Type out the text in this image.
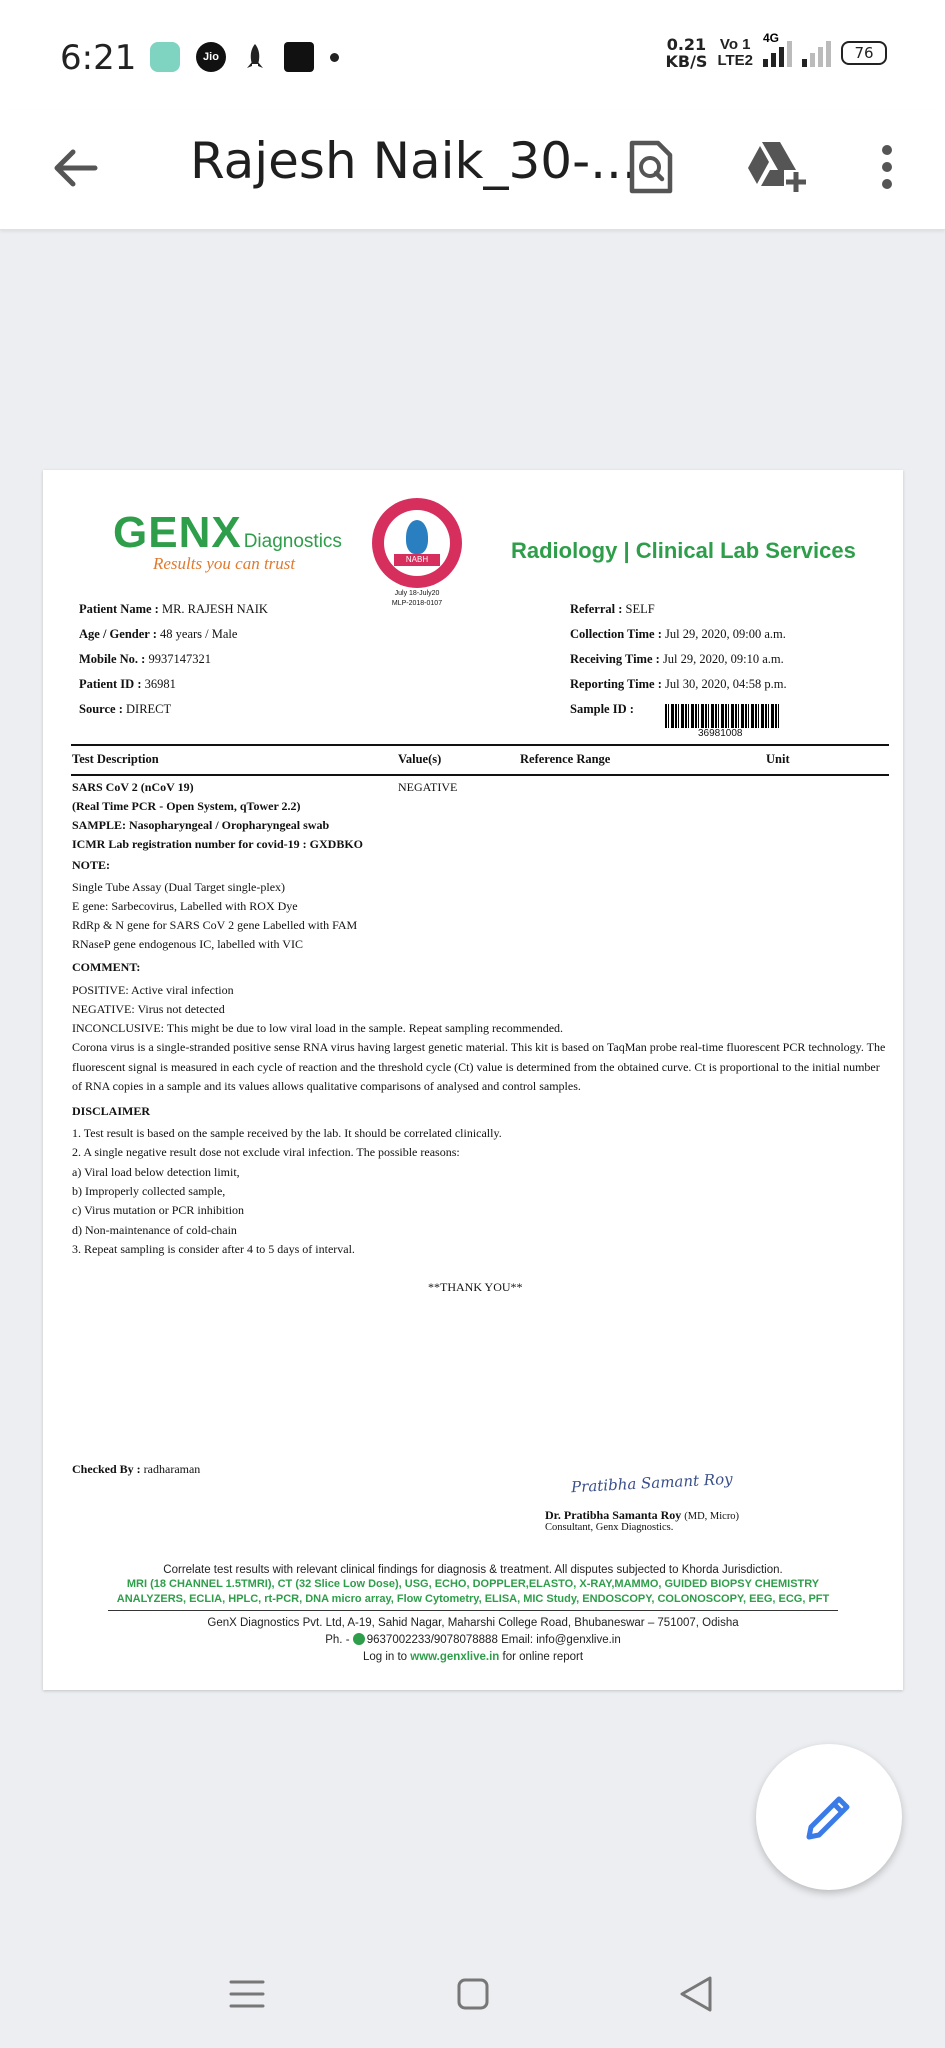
6:21	Jio
0.21
KB/S
Vo 1
LTE2
4G
76
Rajesh Naik_30-...
GENX Diagnostics
Results you can trust	NABH
July 18-July20
MLP-2018-0107
Radiology | Clinical Lab Services
Patient Name : MR. RAJESH NAIK
Age / Gender : 48 years / Male
Mobile No. : 9937147321
Patient ID : 36981
Source : DIRECT
Referral : SELF
Collection Time : Jul 29, 2020, 09:00 a.m.
Receiving Time : Jul 29, 2020, 09:10 a.m.
Reporting Time : Jul 30, 2020, 04:58 p.m.
Sample ID :
36981008
Test Description	Value(s)	Reference Range	Unit
SARS CoV 2 (nCoV 19)	NEGATIVE
(Real Time PCR - Open System, qTower 2.2)
SAMPLE: Nasopharyngeal / Oropharyngeal swab
ICMR Lab registration number for covid-19 : GXDBKO
NOTE:
Single Tube Assay (Dual Target single-plex)
E gene: Sarbecovirus, Labelled with ROX Dye
RdRp & N gene for SARS CoV 2 gene Labelled with FAM
RNaseP gene endogenous IC, labelled with VIC
COMMENT:
POSITIVE: Active viral infection
NEGATIVE: Virus not detected
INCONCLUSIVE: This might be due to low viral load in the sample. Repeat sampling recommended.
Corona virus is a single-stranded positive sense RNA virus having largest genetic material. This kit is based on TaqMan probe real-time fluorescent PCR technology. The fluorescent signal is measured in each cycle of reaction and the threshold cycle (Ct) value is determined from the obtained curve. Ct is proportional to the initial number of RNA copies in a sample and its values allows qualitative comparisons of analysed and control samples.
DISCLAIMER
1. Test result is based on the sample received by the lab. It should be correlated clinically.
2. A single negative result dose not exclude viral infection. The possible reasons:
a) Viral load below detection limit,
b) Improperly collected sample,
c) Virus mutation or PCR inhibition
d) Non-maintenance of cold-chain
3. Repeat sampling is consider after 4 to 5 days of interval.
**THANK YOU**
Checked By : radharaman
Pratibha Samant Roy
Dr. Pratibha Samanta Roy (MD, Micro)
Consultant, Genx Diagnostics.
Correlate test results with relevant clinical findings for diagnosis & treatment. All disputes subjected to Khorda Jurisdiction.
MRI (18 CHANNEL 1.5TMRI), CT (32 Slice Low Dose), USG, ECHO, DOPPLER,ELASTO, X-RAY,MAMMO, GUIDED BIOPSY CHEMISTRY
ANALYZERS, ECLIA, HPLC, rt-PCR, DNA micro array, Flow Cytometry, ELISA, MIC Study, ENDOSCOPY, COLONOSCOPY, EEG, ECG, PFT
GenX Diagnostics Pvt. Ltd, A-19, Sahid Nagar, Maharshi College Road, Bhubaneswar – 751007, Odisha
Ph. - 9637002233/9078078888 Email: info@genxlive.in
Log in to www.genxlive.in for online report
